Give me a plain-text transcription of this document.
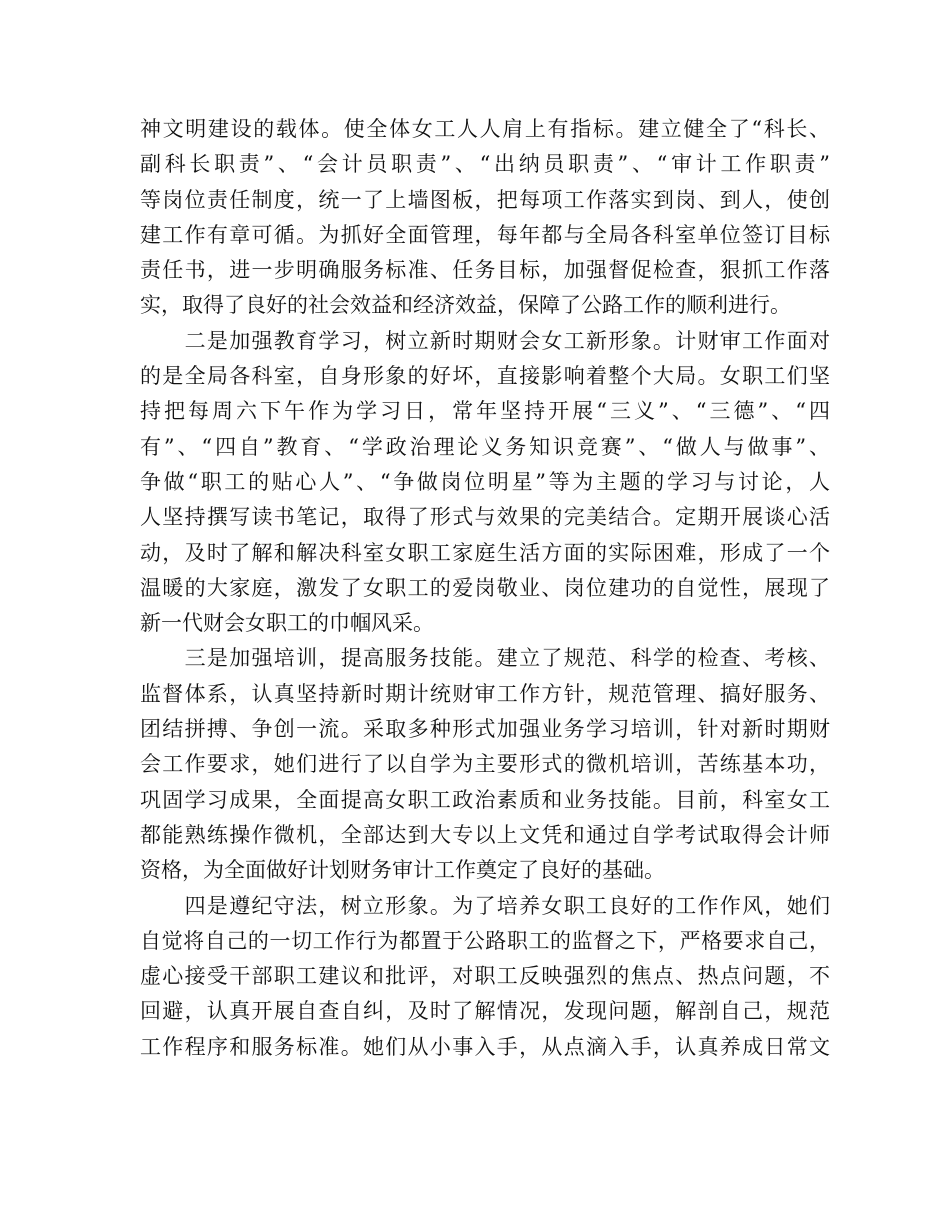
神文明建设的载体。使全体女工人人肩上有指标。建立健全了“科长、
副科长职责”、“会计员职责”、“出纳员职责”、“审计工作职责”
等岗位责任制度，统一了上墙图板，把每项工作落实到岗、到人，使创
建工作有章可循。为抓好全面管理，每年都与全局各科室单位签订目标
责任书，进一步明确服务标准、任务目标，加强督促检查，狠抓工作落
实，取得了良好的社会效益和经济效益，保障了公路工作的顺利进行。
　　二是加强教育学习，树立新时期财会女工新形象。计财审工作面对
的是全局各科室，自身形象的好坏，直接影响着整个大局。女职工们坚
持把每周六下午作为学习日，常年坚持开展“三义”、“三德”、“四
有”、“四自”教育、“学政治理论义务知识竞赛”、“做人与做事”、
争做“职工的贴心人”、“争做岗位明星”等为主题的学习与讨论，人
人坚持撰写读书笔记，取得了形式与效果的完美结合。定期开展谈心活
动，及时了解和解决科室女职工家庭生活方面的实际困难，形成了一个
温暖的大家庭，激发了女职工的爱岗敬业、岗位建功的自觉性，展现了
新一代财会女职工的巾帼风采。
　　三是加强培训，提高服务技能。建立了规范、科学的检查、考核、
监督体系，认真坚持新时期计统财审工作方针，规范管理、搞好服务、
团结拼搏、争创一流。采取多种形式加强业务学习培训，针对新时期财
会工作要求，她们进行了以自学为主要形式的微机培训，苦练基本功，
巩固学习成果，全面提高女职工政治素质和业务技能。目前，科室女工
都能熟练操作微机，全部达到大专以上文凭和通过自学考试取得会计师
资格，为全面做好计划财务审计工作奠定了良好的基础。
　　四是遵纪守法，树立形象。为了培养女职工良好的工作作风，她们
自觉将自己的一切工作行为都置于公路职工的监督之下，严格要求自己，
虚心接受干部职工建议和批评，对职工反映强烈的焦点、热点问题，不
回避，认真开展自查自纠，及时了解情况，发现问题，解剖自己，规范
工作程序和服务标准。她们从小事入手，从点滴入手，认真养成日常文
